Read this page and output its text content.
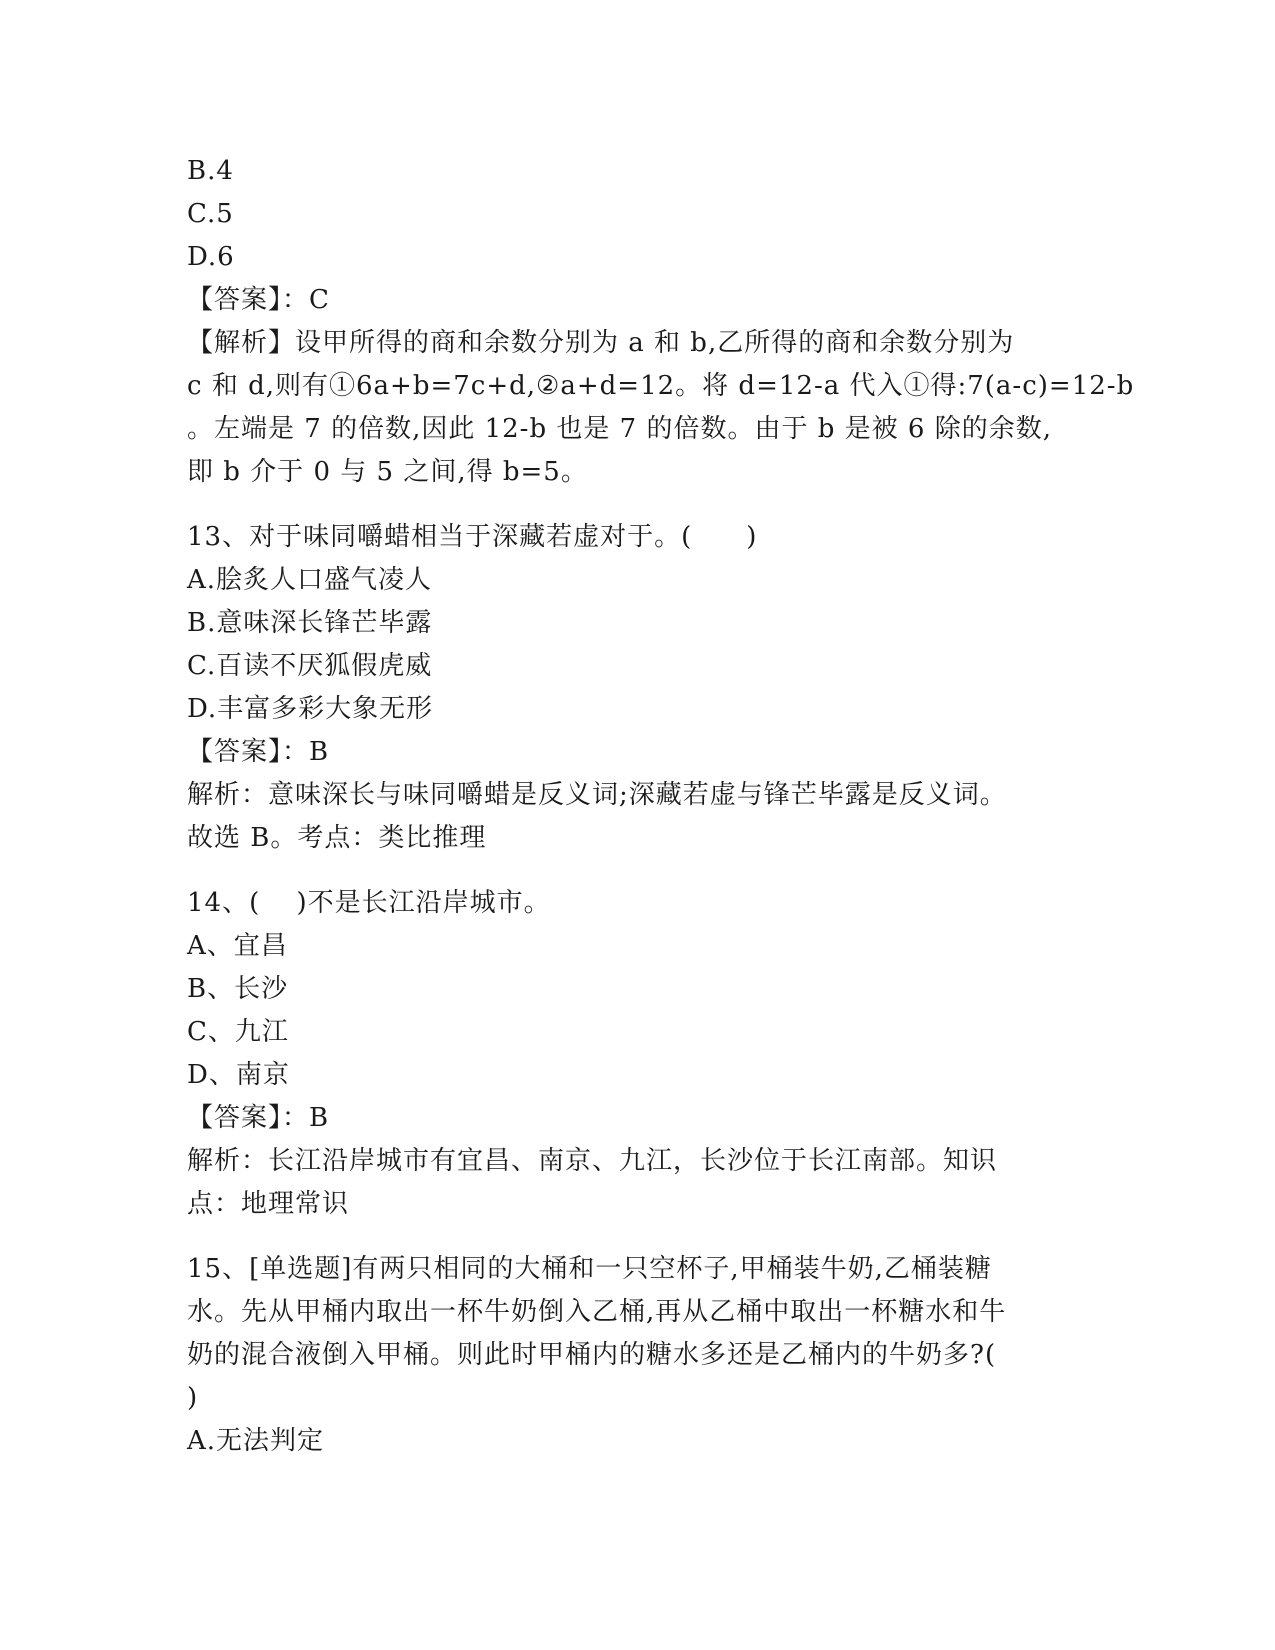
B.4
C.5
D.6
【答案】：C
【解析】设甲所得的商和余数分别为 a 和 b,乙所得的商和余数分别为
c 和 d,则有①6a+b=7c+d,②a+d=12。将 d=12-a 代入①得:7(a-c)=12-b
。左端是 7 的倍数,因此 12-b 也是 7 的倍数。由于 b 是被 6 除的余数,
即 b 介于 0 与 5 之间,得 b=5。
13、对于味同嚼蜡相当于深藏若虚对于。(　　)
A.脍炙人口盛气凌人
B.意味深长锋芒毕露
C.百读不厌狐假虎威
D.丰富多彩大象无形
【答案】：B
解析：意味深长与味同嚼蜡是反义词;深藏若虚与锋芒毕露是反义词。
故选 B。考点：类比推理
14、(　 )不是长江沿岸城市。
A、宜昌
B、长沙
C、九江
D、南京
【答案】：B
解析：长江沿岸城市有宜昌、南京、九江，长沙位于长江南部。知识
点：地理常识
15、[单选题]有两只相同的大桶和一只空杯子,甲桶装牛奶,乙桶装糖
水。先从甲桶内取出一杯牛奶倒入乙桶,再从乙桶中取出一杯糖水和牛
奶的混合液倒入甲桶。则此时甲桶内的糖水多还是乙桶内的牛奶多?(
)
A.无法判定
